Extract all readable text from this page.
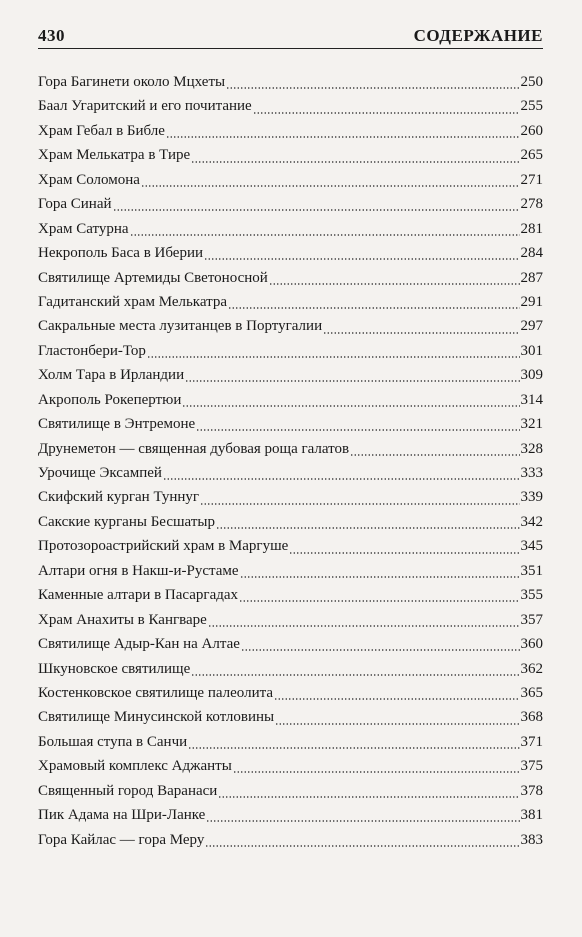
430	СОДЕРЖАНИЕ
Гора Багинети около Мцхеты	250
Баал Угаритский и его почитание	255
Храм Гебал в Библе	260
Храм Мелькатра в Тире	265
Храм Соломона	271
Гора Синай	278
Храм Сатурна	281
Некрополь Баса в Иберии	284
Святилище Артемиды Светоносной	287
Гадитанский храм Мелькатра	291
Сакральные места лузитанцев в Португалии	297
Гластонбери-Тор	301
Холм Тара в Ирландии	309
Акрополь Рокепертюи	314
Святилище в Энтремоне	321
Друнеметон — священная дубовая роща галатов	328
Урочище Эксампей	333
Скифский курган Туннуг	339
Сакские курганы Бесшатыр	342
Протозороастрийский храм в Маргуше	345
Алтари огня в Накш-и-Рустаме	351
Каменные алтари в Пасаргадах	355
Храм Анахиты в Кангваре	357
Святилище Адыр-Кан на Алтае	360
Шкуновское святилище	362
Костенковское святилище палеолита	365
Святилище Минусинской котловины	368
Большая ступа в Санчи	371
Храмовый комплекс Аджанты	375
Священный город Варанаси	378
Пик Адама на Шри-Ланке	381
Гора Кайлас — гора Меру	383
